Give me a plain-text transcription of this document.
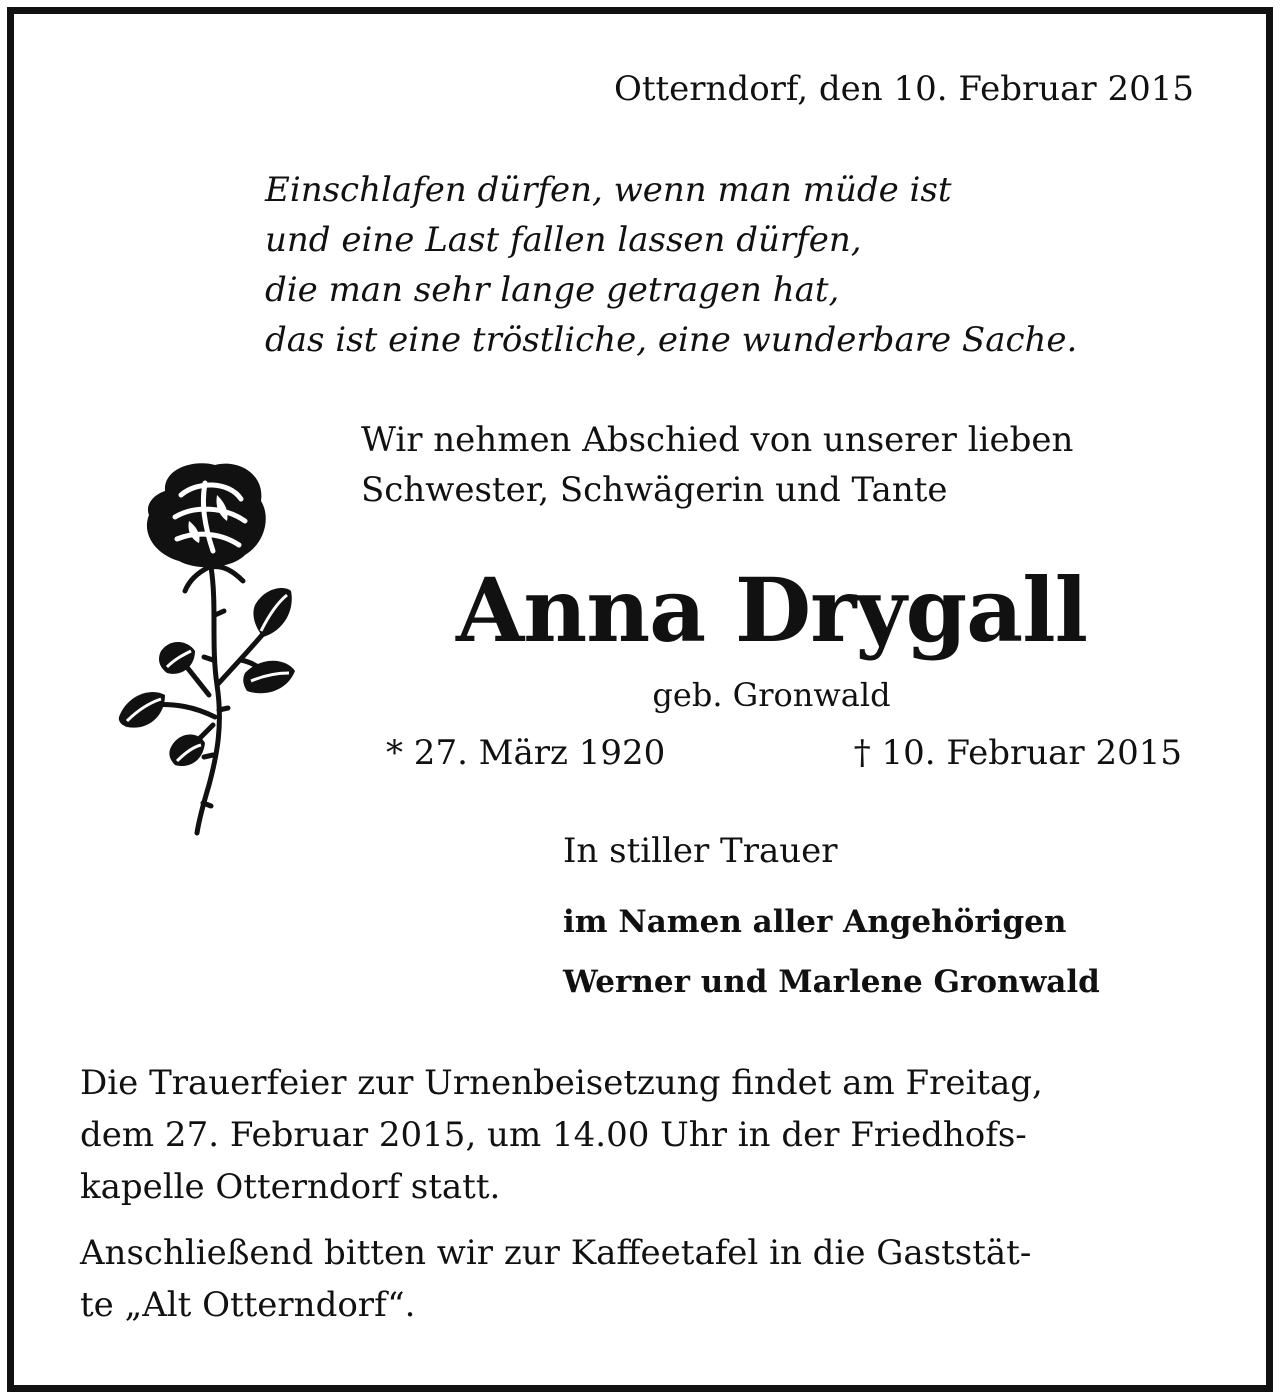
Otterndorf, den 10. Februar 2015

Einschlafen dürfen, wenn man müde ist
und eine Last fallen lassen dürfen,
die man sehr lange getragen hat,
das ist eine tröstliche, eine wunderbare Sache.
Wir nehmen Abschied von unserer lieben
Schwester, Schwägerin und Tante

Anna Drygall

geb. Gronwald

* 27. März 1920	† 10. Februar 2015

In stiller Trauer

im Namen aller Angehörigen

Werner und Marlene Gronwald

Die Trauerfeier zur Urnenbeisetzung findet am Freitag,
dem 27. Februar 2015, um 14.00 Uhr in der Friedhofs-
kapelle Otterndorf statt.
Anschließend bitten wir zur Kaffeetafel in die Gaststät-
te „Alt Otterndorf“.
